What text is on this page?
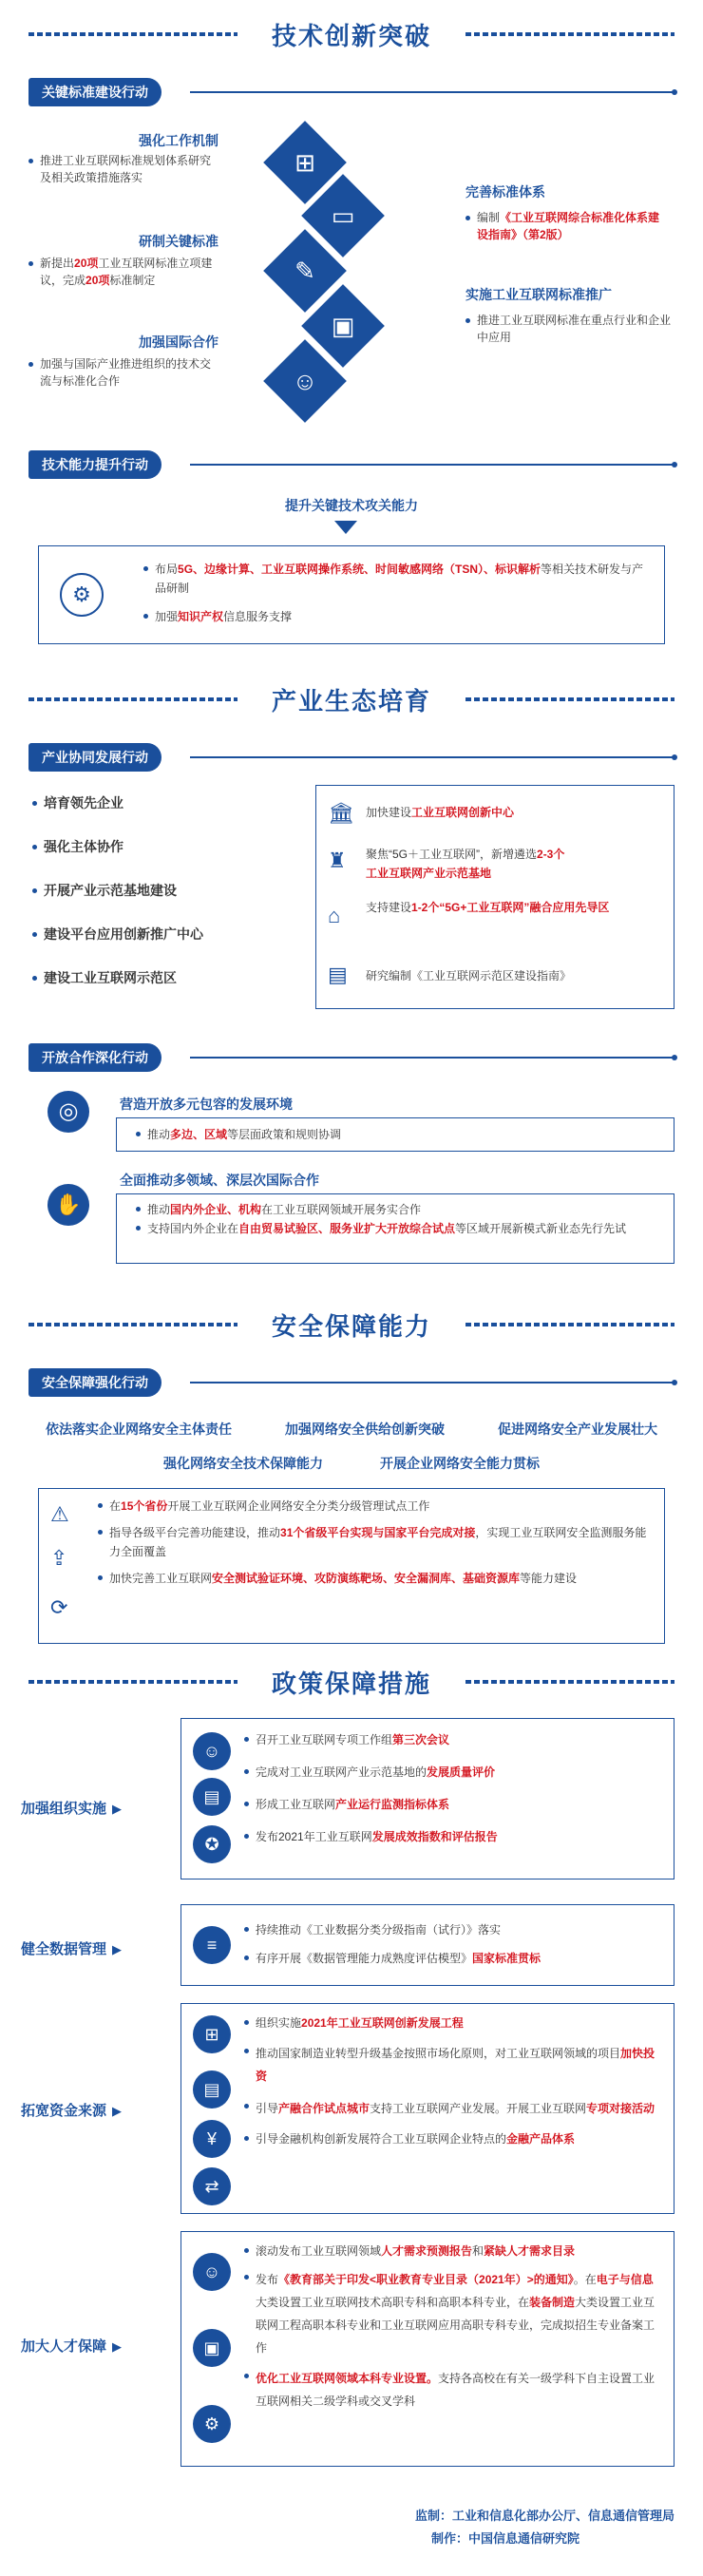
技术创新突破
关键标准建设行动
强化工作机制
推进工业互联网标准规划体系研究及相关政策措施落实
研制关键标准
新提出20项工业互联网标准立项建议，完成20项标准制定
加强国际合作
加强与国际产业推进组织的技术交流与标准化合作
⊞
▭
✎
▣
☺
完善标准体系
编制《工业互联网综合标准化体系建设指南》（第2版）
实施工业互联网标准推广
推进工业互联网标准在重点行业和企业中应用
技术能力提升行动
提升关键技术攻关能力
⚙
布局5G、边缘计算、工业互联网操作系统、时间敏感网络（TSN）、标识解析等相关技术研发与产品研制
加强知识产权信息服务支撑
产业生态培育
产业协同发展行动
培育领先企业
强化主体协作
开展产业示范基地建设
建设平台应用创新推广中心
建设工业互联网示范区
🏛 加快建设工业互联网创新中心
♜ 聚焦“5G＋工业互联网”，新增遴选2-3个
工业互联网产业示范基地
⌂ 支持建设1-2个“5G+工业互联网”融合应用先导区
▤ 研究编制《工业互联网示范区建设指南》
开放合作深化行动
◎	营造开放多元包容的发展环境
推动多边、区域等层面政策和规则协调
✋
全面推动多领域、深层次国际合作
推动国内外企业、机构在工业互联网领域开展务实合作
支持国内外企业在自由贸易试验区、服务业扩大开放综合试点等区域开展新模式新业态先行先试
安全保障能力
安全保障强化行动
依法落实企业网络安全主体责任	加强网络安全供给创新突破	促进网络安全产业发展壮大
强化网络安全技术保障能力	开展企业网络安全能力贯标
⚠
⇪
⟳
在15个省份开展工业互联网企业网络安全分类分级管理试点工作
指导各级平台完善功能建设，推动31个省级平台实现与国家平台完成对接，实现工业互联网安全监测服务能力全面覆盖
加快完善工业互联网安全测试验证环境、攻防演练靶场、安全漏洞库、基础资源库等能力建设
政策保障措施
加强组织实施 ▶
☺
▤
✪
召开工业互联网专项工作组第三次会议
完成对工业互联网产业示范基地的发展质量评价
形成工业互联网产业运行监测指标体系
发布2021年工业互联网发展成效指数和评估报告
健全数据管理 ▶	≡
持续推动《工业数据分类分级指南（试行）》落实
有序开展《数据管理能力成熟度评估模型》国家标准贯标
拓宽资金来源 ▶
⊞
▤
¥
⇄
组织实施2021年工业互联网创新发展工程
推动国家制造业转型升级基金按照市场化原则，对工业互联网领域的项目加快投资
引导产融合作试点城市支持工业互联网产业发展。开展工业互联网专项对接活动
引导金融机构创新发展符合工业互联网企业特点的金融产品体系
加大人才保障 ▶
☺
▣
⚙
滚动发布工业互联网领域人才需求预测报告和紧缺人才需求目录
发布《教育部关于印发<职业教育专业目录（2021年）>的通知》。在电子与信息大类设置工业互联网技术高职专科和高职本科专业，在装备制造大类设置工业互联网工程高职本科专业和工业互联网应用高职专科专业，完成拟招生专业备案工作
优化工业互联网领域本科专业设置。支持各高校在有关一级学科下自主设置工业互联网相关二级学科或交叉学科
监制：工业和信息化部办公厅、信息通信管理局
制作：中国信息通信研究院
